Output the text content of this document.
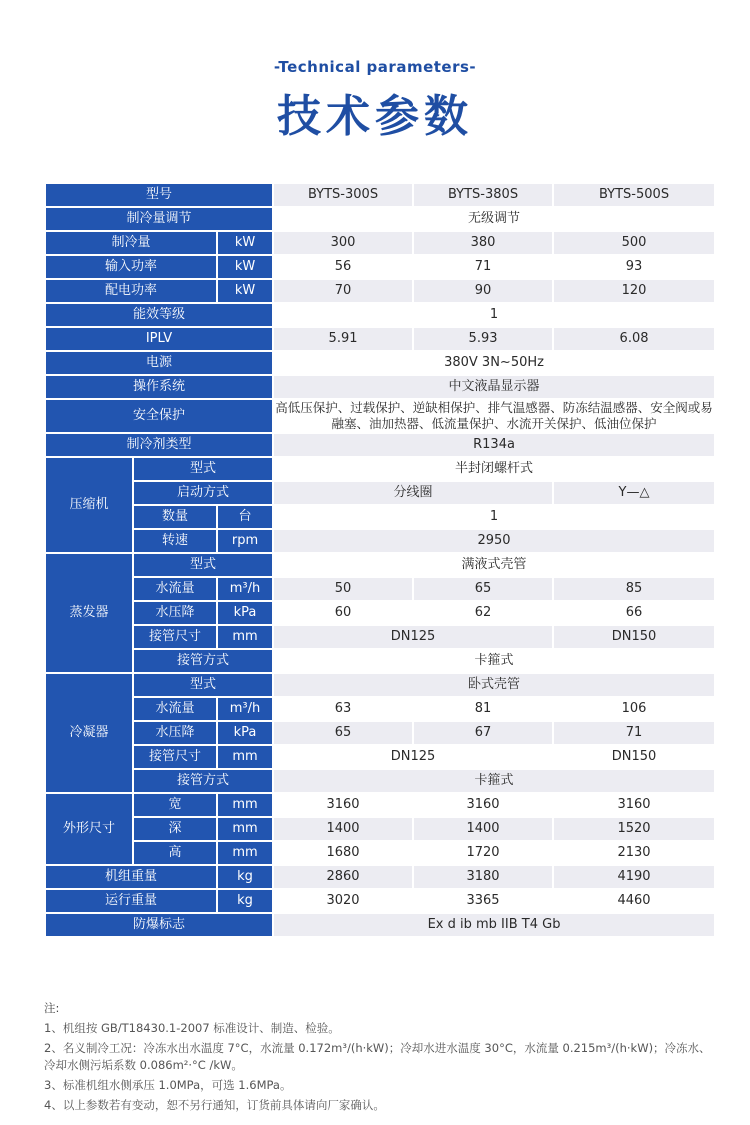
-Technical parameters-
技术参数
型号			BYTS-300S	BYTS-380S	BYTS-500S
制冷量调节			无级调节		
制冷量		kW	300	380	500
输入功率		kW	56	71	93
配电功率		kW	70	90	120
能效等级			1		
IPLV			5.91	5.93	6.08
电源			380V 3N~50Hz		
操作系统			中文液晶显示器		
安全保护			高低压保护、过载保护、逆缺相保护、排气温感器、防冻结温感器、安全阀或易融塞、油加热器、低流量保护、水流开关保护、低油位保护		
制冷剂类型			R134a		
压缩机	型式		半封闭螺杆式		
	启动方式		分线圈		Y—△
	数量	台	1		
	转速	rpm	2950		
蒸发器	型式		满液式壳管		
	水流量	m³/h	50	65	85
	水压降	kPa	60	62	66
	接管尺寸	mm	DN125		DN150
	接管方式		卡箍式		
冷凝器	型式		卧式壳管		
	水流量	m³/h	63	81	106
	水压降	kPa	65	67	71
	接管尺寸	mm	DN125		DN150
	接管方式		卡箍式		
外形尺寸	宽	mm	3160	3160	3160
	深	mm	1400	1400	1520
	高	mm	1680	1720	2130
机组重量		kg	2860	3180	4190
运行重量		kg	3020	3365	4460
防爆标志			Ex d ib mb IIB T4 Gb		

注:

1、机组按 GB/T18430.1-2007 标准设计、制造、检验。

2、名义制冷工况：冷冻水出水温度 7°C，水流量 0.172m³/(h·kW)；冷却水进水温度 30°C，水流量 0.215m³/(h·kW)；冷冻水、冷却水侧污垢系数 0.086m²·°C /kW。

3、标准机组水侧承压 1.0MPa，可选 1.6MPa。

4、以上参数若有变动，恕不另行通知，订货前具体请向厂家确认。
